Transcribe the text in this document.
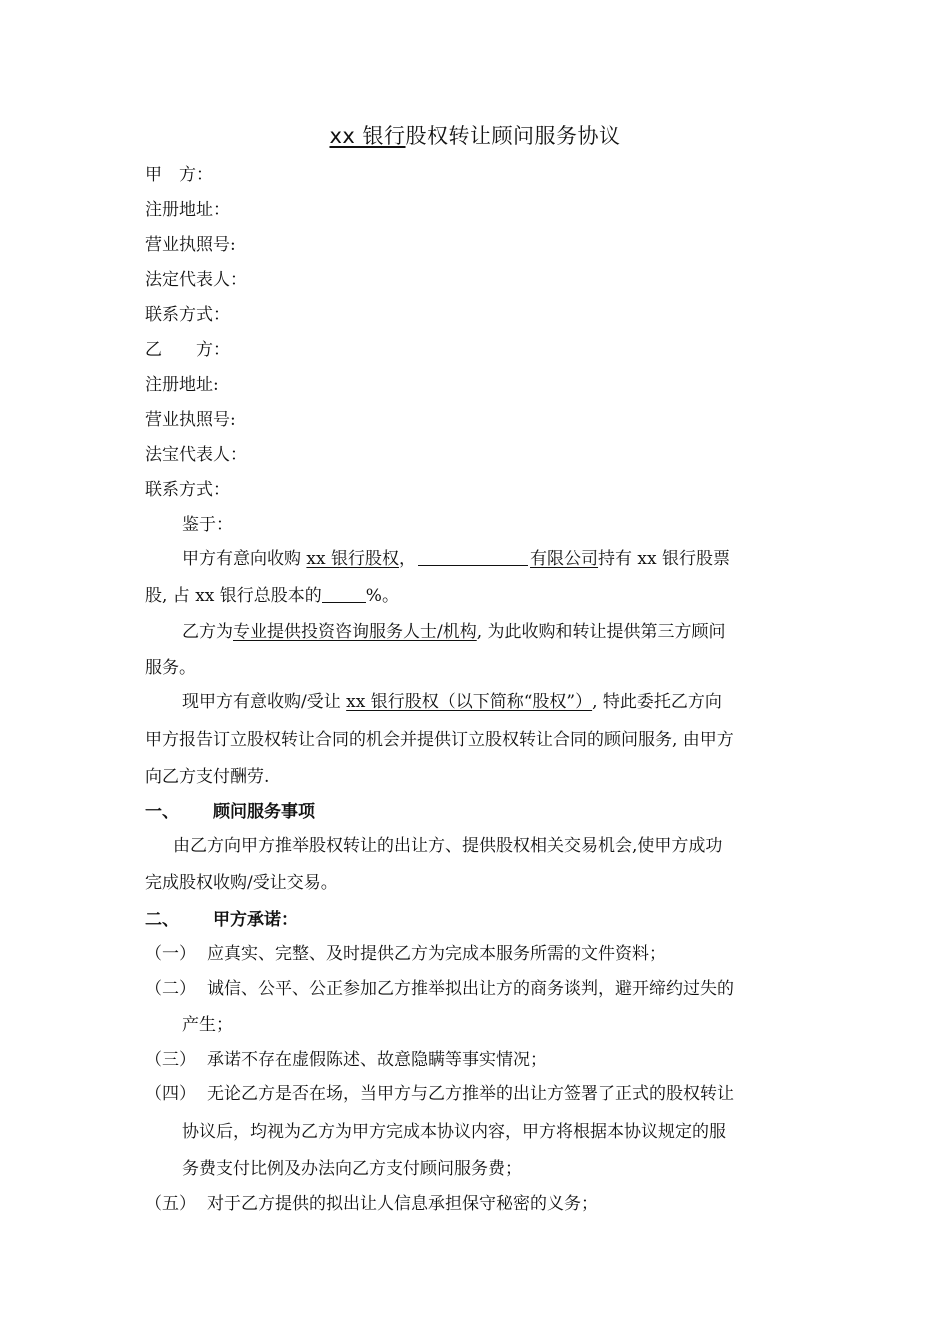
xx 银行股权转让顾问服务协议
甲　方：
注册地址：
营业执照号:
法定代表人：
联系方式：
乙　　方：
注册地址:
营业执照号:
法宝代表人：
联系方式：
鉴于：
甲方有意向收购 xx 银行股权，	有限公司持有 xx 银行股票
股, 占 xx 银行总股本的	%。
乙方为专业提供投资咨询服务人士/机构, 为此收购和转让提供第三方顾问
服务。
现甲方有意收购/受让 xx 银行股权（以下简称“股权”）, 特此委托乙方向
甲方报告订立股权转让合同的机会并提供订立股权转让合同的顾问服务, 由甲方
向乙方支付酬劳.
一、 顾问服务事项
由乙方向甲方推举股权转让的出让方、提供股权相关交易机会,使甲方成功
完成股权收购/受让交易。
二、 甲方承诺：
（一） 应真实、完整、及时提供乙方为完成本服务所需的文件资料；
（二） 诚信、公平、公正参加乙方推举拟出让方的商务谈判，避开缔约过失的
产生；
（三） 承诺不存在虚假陈述、故意隐瞒等事实情况；
（四） 无论乙方是否在场，当甲方与乙方推举的出让方签署了正式的股权转让
协议后，均视为乙方为甲方完成本协议内容，甲方将根据本协议规定的服
务费支付比例及办法向乙方支付顾问服务费；
（五） 对于乙方提供的拟出让人信息承担保守秘密的义务；
